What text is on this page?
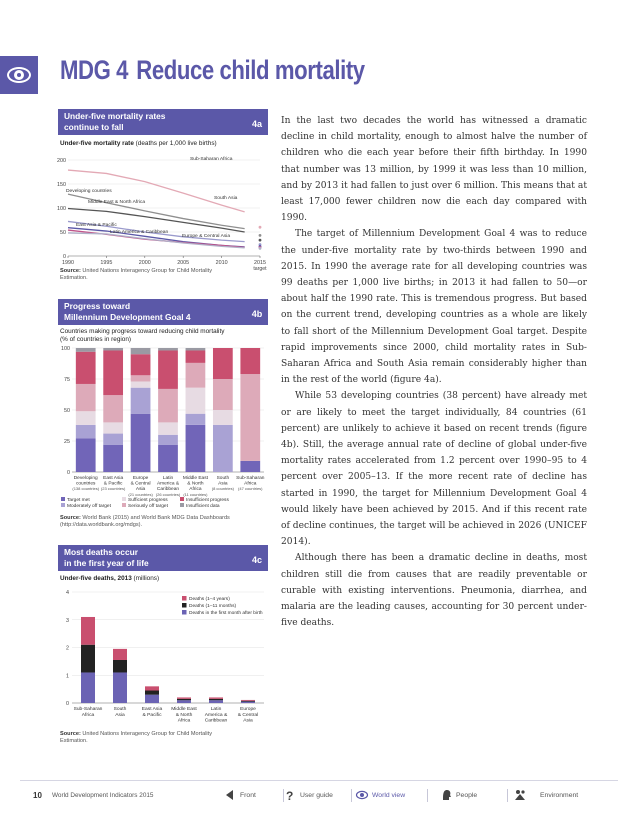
MDG 4 Reduce child mortality
Under-five mortality rates
continue to fall	4a
Under-five mortality rate (deaths per 1,000 live births)
0
50
100
150
200
1990	1995	2000	2005	2010	2015
target
Sub-Saharan Africa
South Asia
Developing countries
Middle East & North Africa
East Asia & Pacific
Latin America & Caribbean
Europe & Central Asia
Source: United Nations Interagency Group for Child Mortality
Estimation.
Progress toward
Millennium Development Goal 4	4b
Countries making progress toward reducing child mortality
(% of countries in region)
0
25
50
75
100
Developing
countries
(138 countries)
East Asia
& Pacific
(23 countries)
Europe
& Central
Asia
(21 countries)
Latin
America &
Caribbean
(26 countries)
Middle East
& North
Africa
(11 countries)
South
Asia
(8 countries)
Sub-Saharan
Africa
(47 countries)
Target met
Moderately off target
Sufficient progress
Seriously off target
Insufficient progress
Insufficient data
Source: World Bank (2015) and World Bank MDG Data Dashboards
(http://data.worldbank.org/mdgs).
Most deaths occur
in the first year of life	4c
Under-five deaths, 2013 (millions)
0
1
2
3
4
Sub-Saharan
Africa
South
Asia
East Asia
& Pacific
Middle East
& North
Africa
Latin
America &
Caribbean
Europe
& Central
Asia
Deaths (1–4 years)
Deaths (1–11 months)
Deaths in the first month after birth
Source: United Nations Interagency Group for Child Mortality
Estimation.

In the last two decades the world has witnessed a dramatic decline in child mortality, enough to almost halve the number of children who die each year before their fifth birthday. In 1990 that number was 13 million, by 1999 it was less than 10 million, and by 2013 it had fallen to just over 6 million. This means that at least 17,000 fewer children now die each day compared with 1990.

The target of Millennium Development Goal 4 was to reduce the under-five mortality rate by two-thirds between 1990 and 2015. In 1990 the average rate for all developing countries was 99 deaths per 1,000 live births; in 2013 it had fallen to 50—or about half the 1990 rate. This is tremendous progress. But based on the current trend, developing countries as a whole are likely to fall short of the Millennium Development Goal target. Despite rapid improvements since 2000, child mortality rates in Sub-Saharan Africa and South Asia remain considerably higher than in the rest of the world (figure 4a).

While 53 developing countries (38 percent) have already met or are likely to meet the target individually, 84 countries (61 percent) are unlikely to achieve it based on recent trends (figure 4b). Still, the average annual rate of decline of global under-five mortality rates accelerated from 1.2 percent over 1990–95 to 4 percent over 2005–13. If the more recent rate of decline has started in 1990, the target for Millennium Development Goal 4 would likely have been achieved by 2015. And if this recent rate of decline continues, the target will be achieved in 2026 (UNICEF 2014).

Although there has been a dramatic decline in deaths, most children still die from causes that are readily preventable or curable with existing interventions. Pneumonia, diarrhea, and malaria are the leading causes, accounting for 30 percent under-five deaths.

10 World Development Indicators 2015	Front	? User guide	World view	People	Environment
